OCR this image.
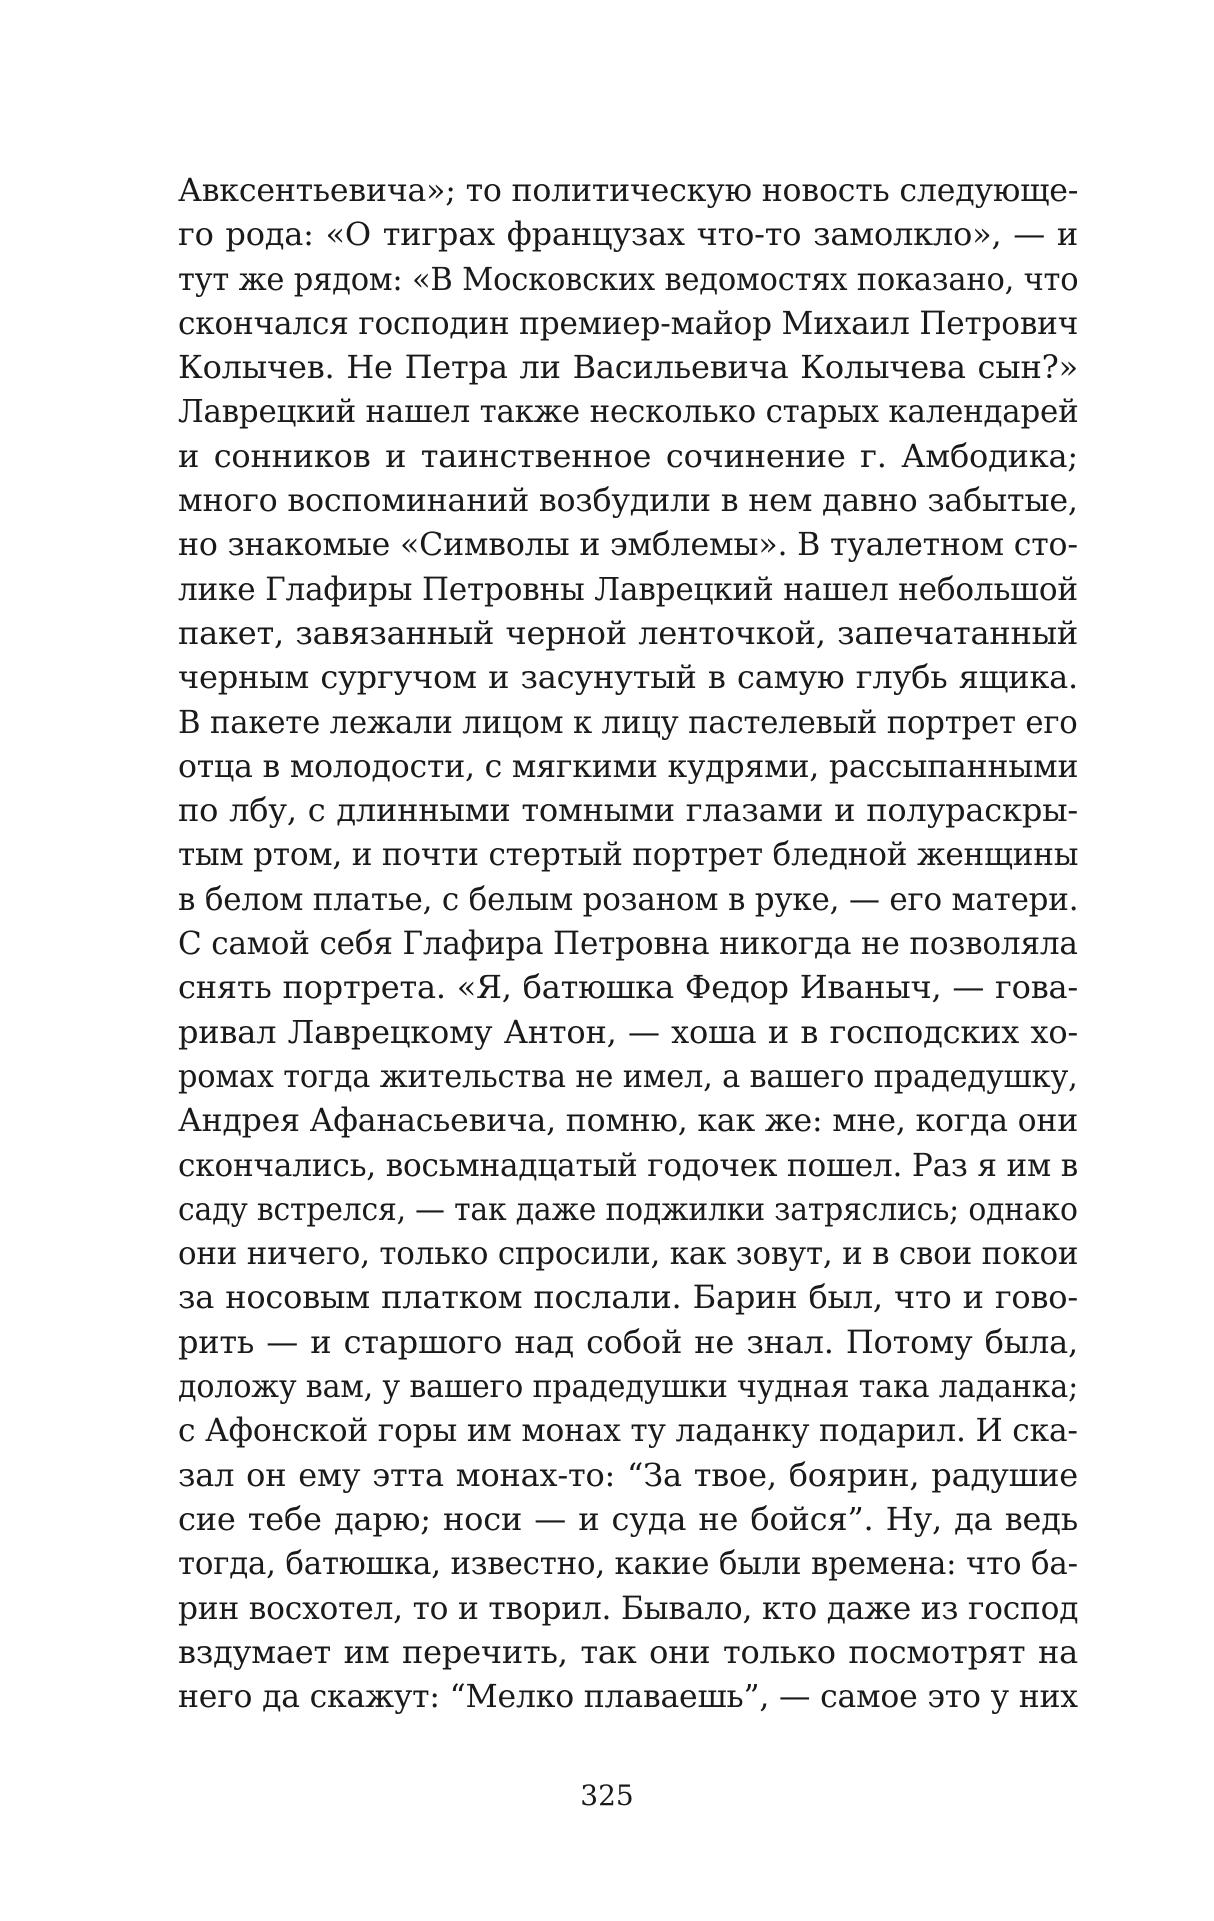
Авксентьевича»; то политическую новость следующе-
го рода: «О тиграх французах что-то замолкло», — и
тут же рядом: «В Московских ведомостях показано, что
скончался господин премиер-майор Михаил Петрович
Колычев. Не Петра ли Васильевича Колычева сын?»
Лаврецкий нашел также несколько старых календарей
и сонников и таинственное сочинение г. Амбодика;
много воспоминаний возбудили в нем давно забытые,
но знакомые «Символы и эмблемы». В туалетном сто-
лике Глафиры Петровны Лаврецкий нашел небольшой
пакет, завязанный черной ленточкой, запечатанный
черным сургучом и засунутый в самую глубь ящика.
В пакете лежали лицом к лицу пастелевый портрет его
отца в молодости, с мягкими кудрями, рассыпанными
по лбу, с длинными томными глазами и полураскры-
тым ртом, и почти стертый портрет бледной женщины
в белом платье, с белым розаном в руке, — его матери.
С самой себя Глафира Петровна никогда не позволяла
снять портрета. «Я, батюшка Федор Иваныч, — гова-
ривал Лаврецкому Антон, — хоша и в господских хо-
ромах тогда жительства не имел, а вашего прадедушку,
Андрея Афанасьевича, помню, как же: мне, когда они
скончались, восьмнадцатый годочек пошел. Раз я им в
саду встрелся, — так даже поджилки затряслись; однако
они ничего, только спросили, как зовут, и в свои покои
за носовым платком послали. Барин был, что и гово-
рить — и старшого над собой не знал. Потому была,
доложу вам, у вашего прадедушки чудная така ладанка;
с Афонской горы им монах ту ладанку подарил. И ска-
зал он ему этта монах-то: “За твое, боярин, радушие
сие тебе дарю; носи — и суда не бойся”. Ну, да ведь
тогда, батюшка, известно, какие были времена: что ба-
рин восхотел, то и творил. Бывало, кто даже из господ
вздумает им перечить, так они только посмотрят на
него да скажут: “Мелко плаваешь”, — самое это у них
325
